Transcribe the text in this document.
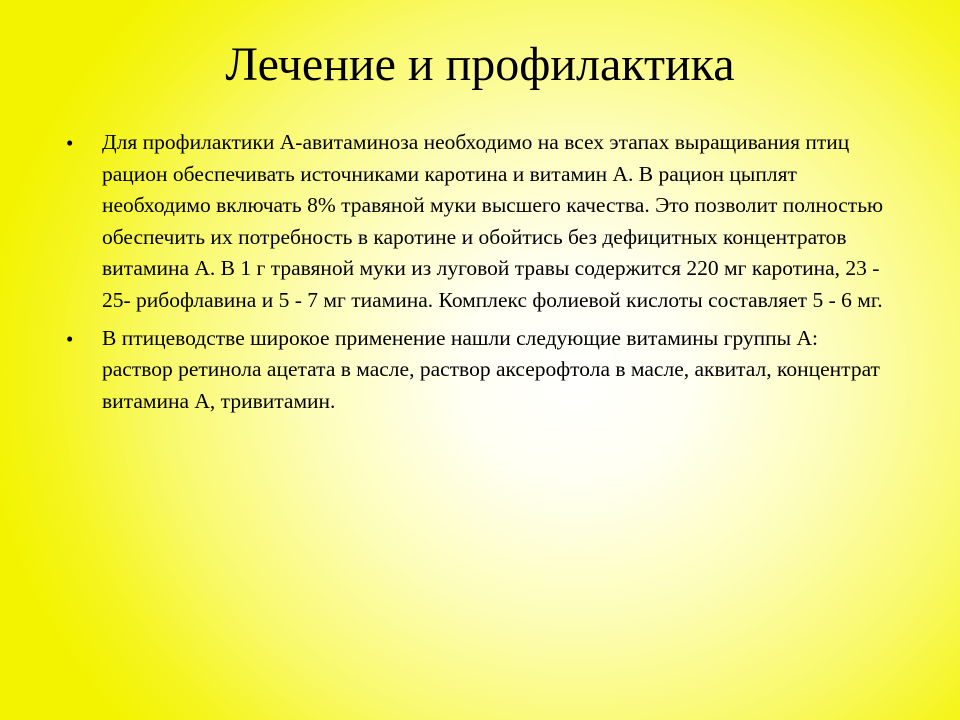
Лечение и профилактика
• Для профилактики А-авитаминоза необходимо на всех этапах выращивания птиц рацион обеспечивать источниками каротина и витамин А. В рацион цыплят необходимо включать 8% травяной муки высшего качества. Это позволит полностью обеспечить их потребность в каротине и обойтись без дефицитных концентратов витамина А. В 1 г травяной муки из луговой травы содержится 220 мг каротина, 23 - 25- рибофлавина и 5 - 7 мг тиамина. Комплекс фолиевой кислоты составляет 5 - 6 мг.
• В птицеводстве широкое применение нашли следующие витамины группы А: раствор ретинола ацетата в масле, раствор аксерофтола в масле, аквитал, концентрат витамина А, тривитамин.
